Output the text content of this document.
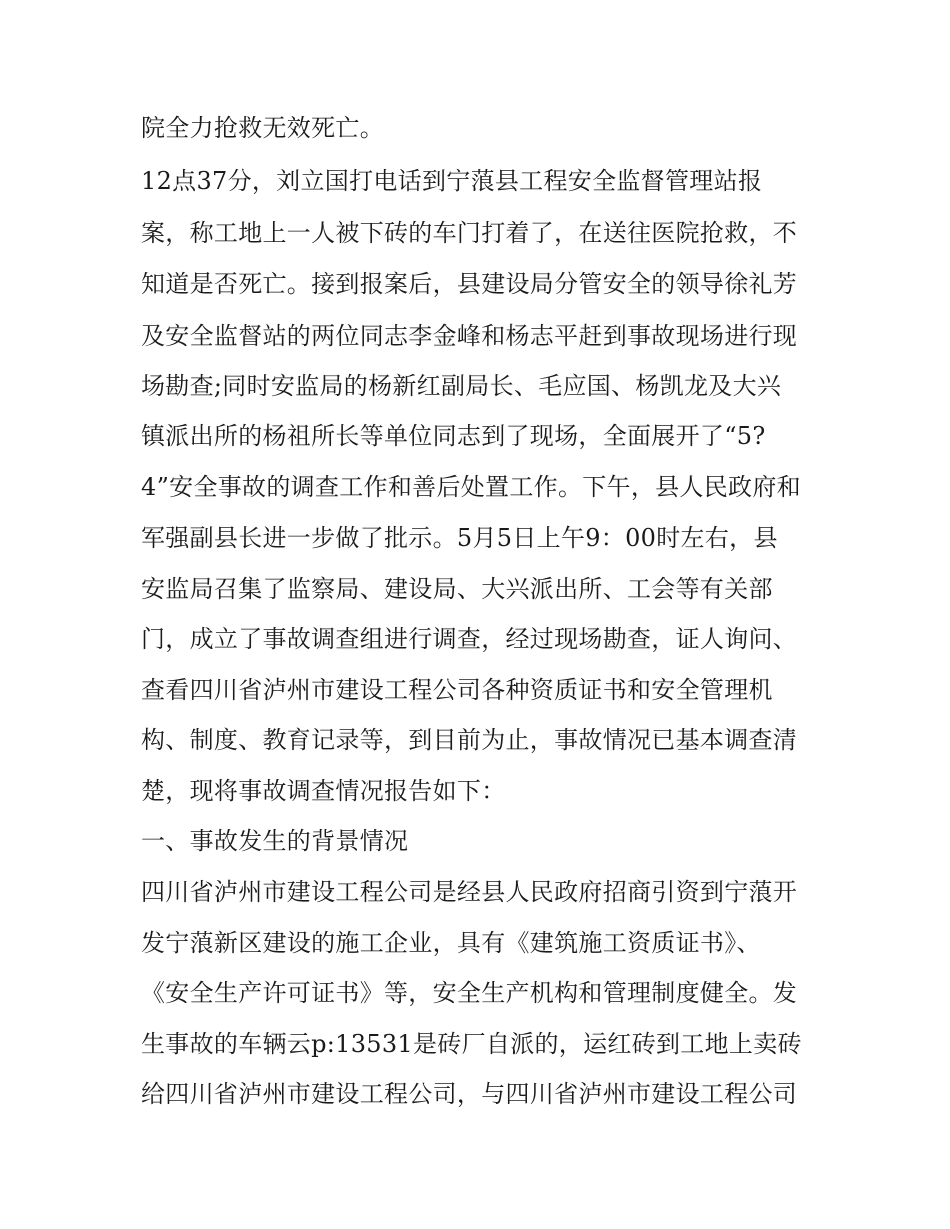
院全力抢救无效死亡。
12点37分，刘立国打电话到宁蒗县工程安全监督管理站报
案，称工地上一人被下砖的车门打着了，在送往医院抢救，不
知道是否死亡。接到报案后，县建设局分管安全的领导徐礼芳
及安全监督站的两位同志李金峰和杨志平赶到事故现场进行现
场勘查;同时安监局的杨新红副局长、毛应国、杨凯龙及大兴
镇派出所的杨祖所长等单位同志到了现场，全面展开了“5?
4”安全事故的调查工作和善后处置工作。下午，县人民政府和
军强副县长进一步做了批示。5月5日上午9：00时左右，县
安监局召集了监察局、建设局、大兴派出所、工会等有关部
门，成立了事故调查组进行调查，经过现场勘查，证人询问、
查看四川省泸州市建设工程公司各种资质证书和安全管理机
构、制度、教育记录等，到目前为止，事故情况已基本调查清
楚，现将事故调查情况报告如下：
一、事故发生的背景情况
四川省泸州市建设工程公司是经县人民政府招商引资到宁蒗开
发宁蒗新区建设的施工企业，具有《建筑施工资质证书》、
《安全生产许可证书》等，安全生产机构和管理制度健全。发
生事故的车辆云p:13531是砖厂自派的，运红砖到工地上卖砖
给四川省泸州市建设工程公司，与四川省泸州市建设工程公司
